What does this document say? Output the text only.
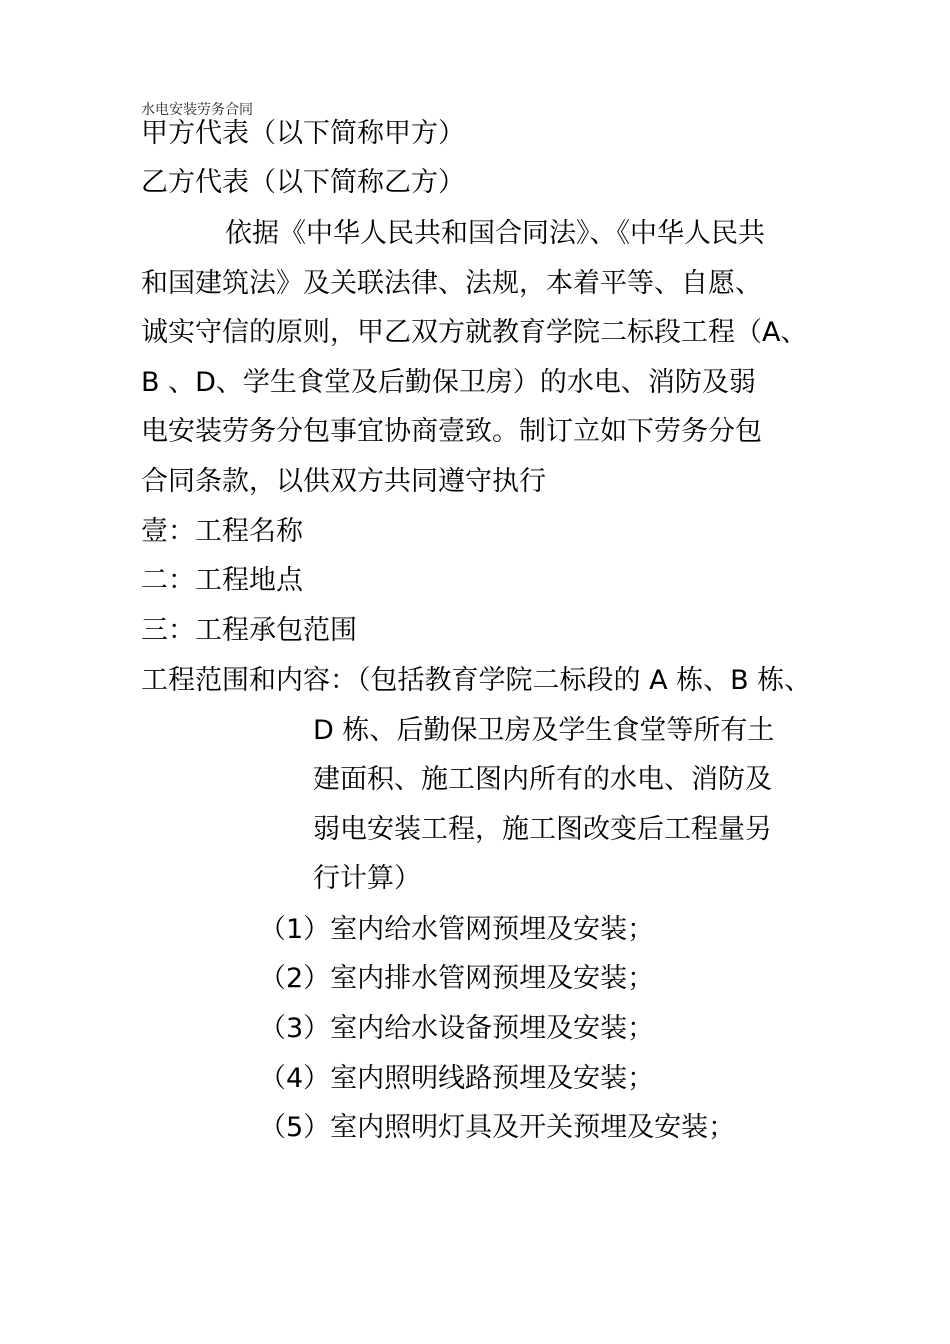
水电安装劳务合同
甲方代表（以下简称甲方）
乙方代表（以下简称乙方）
依据《中华人民共和国合同法》、《中华人民共
和国建筑法》及关联法律、法规，本着平等、自愿、
诚实守信的原则，甲乙双方就教育学院二标段工程（A、
B 、D、学生食堂及后勤保卫房）的水电、消防及弱
电安装劳务分包事宜协商壹致。制订立如下劳务分包
合同条款，以供双方共同遵守执行
壹：工程名称
二：工程地点
三：工程承包范围
工程范围和内容：（包括教育学院二标段的 A 栋、B 栋、
D 栋、后勤保卫房及学生食堂等所有土
建面积、施工图内所有的水电、消防及
弱电安装工程，施工图改变后工程量另
行计算）
（1）室内给水管网预埋及安装；
（2）室内排水管网预埋及安装；
（3）室内给水设备预埋及安装；
（4）室内照明线路预埋及安装；
（5）室内照明灯具及开关预埋及安装；
